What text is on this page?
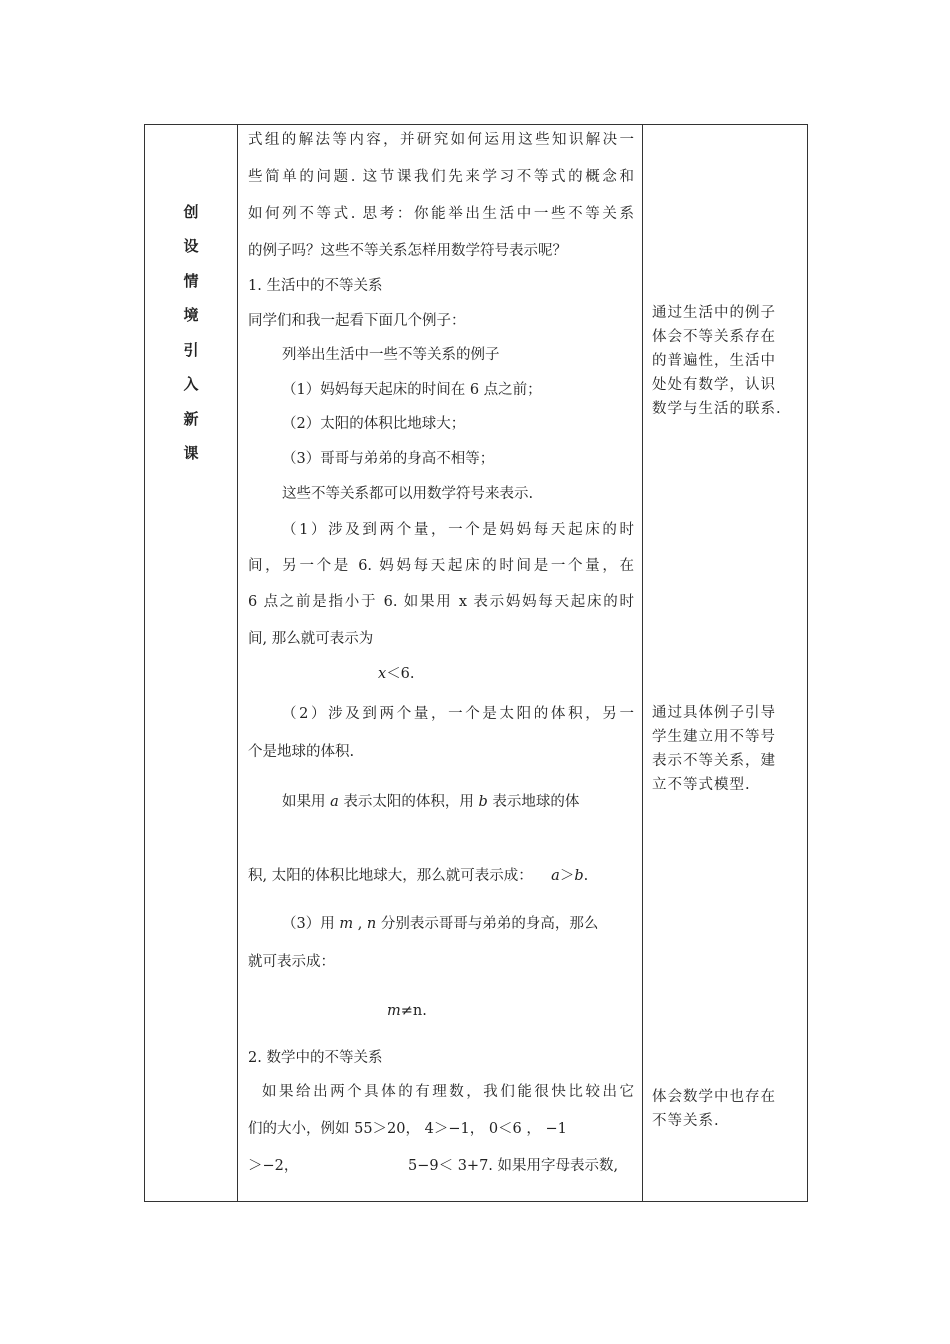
创
设
情
境
引
入
新
课
式组的解法等内容，并研究如何运用这些知识解决一
些简单的问题. 这节课我们先来学习不等式的概念和
如何列不等式. 思考：你能举出生活中一些不等关系
的例子吗？这些不等关系怎样用数学符号表示呢？
1. 生活中的不等关系
同学们和我一起看下面几个例子：
列举出生活中一些不等关系的例子
（1）妈妈每天起床的时间在 6 点之前；
（2）太阳的体积比地球大；
（3）哥哥与弟弟的身高不相等；
这些不等关系都可以用数学符号来表示.
（1）涉及到两个量，一个是妈妈每天起床的时
间，另一个是 6. 妈妈每天起床的时间是一个量，在
6 点之前是指小于 6. 如果用 x 表示妈妈每天起床的时
间, 那么就可表示为
x＜6.
（2）涉及到两个量，一个是太阳的体积，另一
个是地球的体积.
如果用 a 表示太阳的体积，用 b 表示地球的体
积, 太阳的体积比地球大，那么就可表示成： a＞b.
（3）用 m , n 分别表示哥哥与弟弟的身高，那么
就可表示成：
m≠n.
2. 数学中的不等关系
如果给出两个具体的有理数，我们能很快比较出它
们的大小，例如 55＞20， 4＞−1， 0＜6 ， −1
＞−2，	5−9＜ 3+7. 如果用字母表示数,
通过生活中的例子
体会不等关系存在
的普遍性，生活中
处处有数学，认识
数学与生活的联系.
通过具体例子引导
学生建立用不等号
表示不等关系，建
立不等式模型.
体会数学中也存在
不等关系.
